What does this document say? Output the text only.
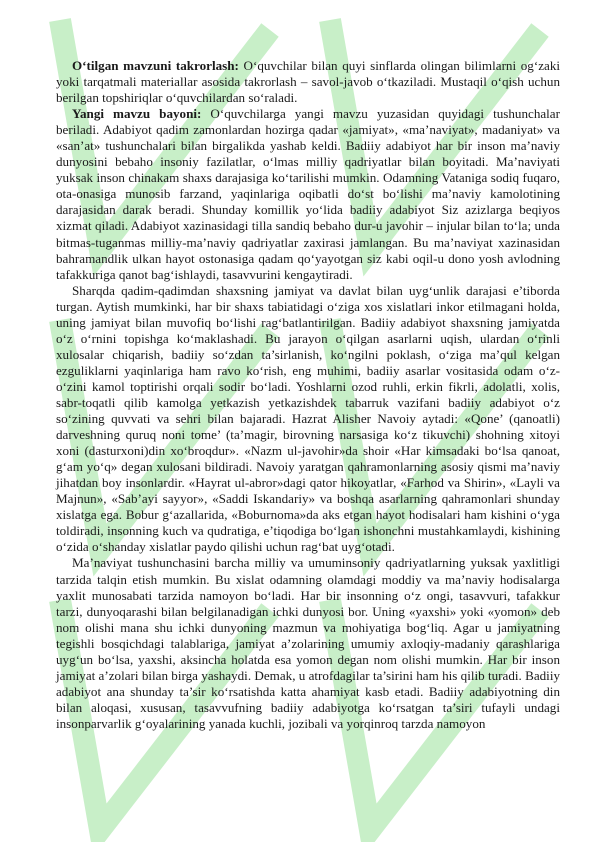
O‘tilgan mavzuni takrorlash: O‘quvchilar bilan quyi sinflarda olingan bilimlarni og‘zaki yoki tarqatmali materiallar asosida takrorlash – savol-javob o‘tkaziladi. Mustaqil o‘qish uchun berilgan topshiriqlar o‘quvchilardan so‘raladi.

Yangi mavzu bayoni: O‘quvchilarga yangi mavzu yuzasidan quyidagi tushunchalar beriladi. Adabiyot qadim zamonlardan hozirga qadar «jamiyat», «ma’naviyat», madaniyat» va «san’at» tushunchalari bilan birgalikda yashab keldi. Badiiy adabiyot har bir inson ma’naviy dunyosini bebaho insoniy fazilatlar, o‘lmas milliy qadriyatlar bilan boyitadi. Ma’naviyati yuksak inson chinakam shaxs darajasiga ko‘tarilishi mumkin. Odamning Vataniga sodiq fuqaro, ota-onasiga munosib farzand, yaqinlariga oqibatli do‘st bo‘lishi ma’naviy kamolotining darajasidan darak beradi. Shunday komillik yo‘lida badiiy adabiyot Siz azizlarga beqiyos xizmat qiladi. Adabiyot xazinasidagi tilla sandiq bebaho dur-u javohir – injular bilan to‘la; unda bitmas-tuganmas milliy-ma’naviy qadriyatlar zaxirasi jamlangan. Bu ma’naviyat xazinasidan bahramandlik ulkan hayot ostonasiga qadam qo‘yayotgan siz kabi oqil-u dono yosh avlodning tafakkuriga qanot bag‘ishlaydi, tasavvurini kengaytiradi.

Sharqda qadim-qadimdan shaxsning jamiyat va davlat bilan uyg‘unlik darajasi e’tiborda turgan. Aytish mumkinki, har bir shaxs tabiatidagi o‘ziga xos xislatlari inkor etilmagani holda, uning jamiyat bilan muvofiq bo‘lishi rag‘batlantirilgan. Badiiy adabiyot shaxsning jamiyatda o‘z o‘rnini topishga ko‘maklashadi. Bu jarayon o‘qilgan asarlarni uqish, ulardan o‘rinli xulosalar chiqarish, badiiy so‘zdan ta’sirlanish, ko‘ngilni poklash, o‘ziga ma’qul kelgan ezguliklarni yaqinlariga ham ravo ko‘rish, eng muhimi, badiiy asarlar vositasida odam o‘z-o‘zini kamol toptirishi orqali sodir bo‘ladi. Yoshlarni ozod ruhli, erkin fikrli, adolatli, xolis, sabr-toqatli qilib kamolga yetkazish yetkazishdek tabarruk vazifani badiiy adabiyot o‘z so‘zining quvvati va sehri bilan bajaradi. Hazrat Alisher Navoiy aytadi: «Qone’ (qanoatli) darveshning quruq noni tome’ (ta’magir, birovning narsasiga ko‘z tikuvchi) shohning xitoyi xoni (dasturxoni)din xo‘broqdur». «Nazm ul-javohir»da shoir «Har kimsadaki bo‘lsa qanoat, g‘am yo‘q» degan xulosani bildiradi. Navoiy yaratgan qahramonlarning asosiy qismi ma’naviy jihatdan boy insonlardir. «Hayrat ul-abror»dagi qator hikoyatlar, «Farhod va Shirin», «Layli va Majnun», «Sab’ayi sayyor», «Saddi Iskandariy» va boshqa asarlarning qahramonlari shunday xislatga ega. Bobur g‘azallarida, «Boburnoma»da aks etgan hayot hodisalari ham kishini o‘yga toldiradi, insonning kuch va qudratiga, e’tiqodiga bo‘lgan ishonchni mustahkamlaydi, kishining o‘zida o‘shanday xislatlar paydo qilishi uchun rag‘bat uyg‘otadi.

Ma’naviyat tushunchasini barcha milliy va umuminsoniy qadriyatlarning yuksak yaxlitligi tarzida talqin etish mumkin. Bu xislat odamning olamdagi moddiy va ma’naviy hodisalarga yaxlit munosabati tarzida namoyon bo‘ladi. Har bir insonning o‘z ongi, tasavvuri, tafakkur tarzi, dunyoqarashi bilan belgilanadigan ichki dunyosi bor. Uning «yaxshi» yoki «yomon» deb nom olishi mana shu ichki dunyoning mazmun va mohiyatiga bog‘liq. Agar u jamiyatning tegishli bosqichdagi talablariga, jamiyat a’zolarining umumiy axloqiy-madaniy qarashlariga uyg‘un bo‘lsa, yaxshi, aksincha holatda esa yomon degan nom olishi mumkin. Har bir inson jamiyat a’zolari bilan birga yashaydi. Demak, u atrofdagilar ta’sirini ham his qilib turadi. Badiiy adabiyot ana shunday ta’sir ko‘rsatishda katta ahamiyat kasb etadi. Badiiy adabiyotning din bilan aloqasi, xususan, tasavvufning badiiy adabiyotga ko‘rsatgan ta’siri tufayli undagi insonparvarlik g‘oyalarining yanada kuchli, jozibali va yorqinroq tarzda namoyon
